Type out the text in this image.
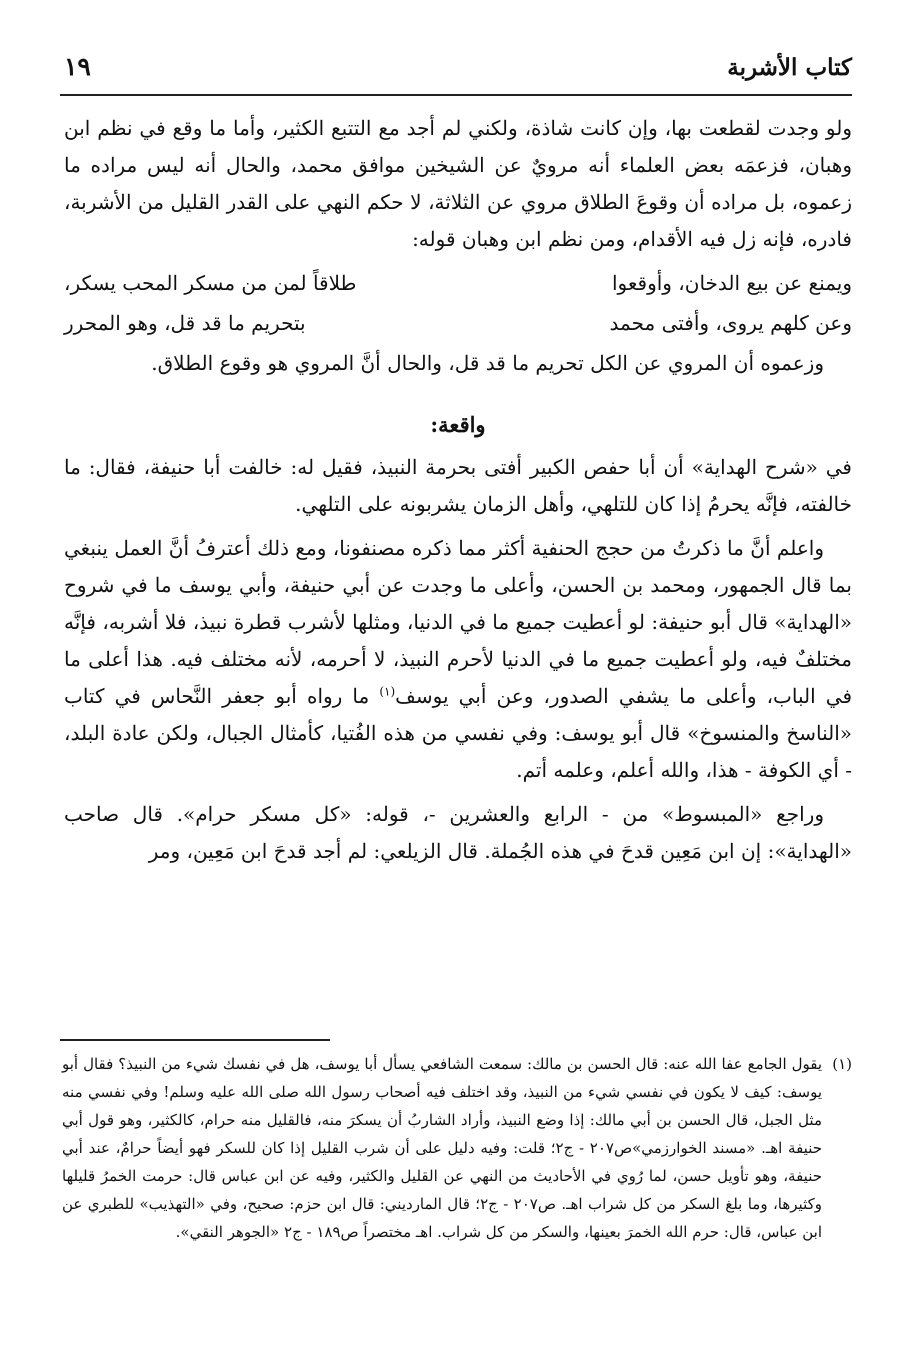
كتاب الأشربة
١٩

ولو وجدت لقطعت بها، وإن كانت شاذة، ولكني لم أجد مع التتبع الكثير، وأما ما وقع في نظم ابن وهبان، فزعمَه بعض العلماء أنه مرويٌ عن الشيخين موافق محمد، والحال أنه ليس مراده ما زعموه، بل مراده أن وقوعَ الطلاق مروي عن الثلاثة، لا حكم النهي على القدر القليل من الأشربة، فادره، فإنه زل فيه الأقدام، ومن نظم ابن وهبان قوله:

ويمنع عن بيع الدخان، وأوقعوا
طلاقاً لمن من مسكر المحب يسكر،
وعن كلهم يروى، وأفتى محمد
بتحريم ما قد قل، وهو المحرر

وزعموه أن المروي عن الكل تحريم ما قد قل، والحال أنَّ المروي هو وقوع الطلاق.

واقعة:

في «شرح الهداية» أن أبا حفص الكبير أفتى بحرمة النبيذ، فقيل له: خالفت أبا حنيفة، فقال: ما خالفته، فإنَّه يحرمُ إذا كان للتلهي، وأهل الزمان يشربونه على التلهي.

واعلم أنَّ ما ذكرتُ من حجج الحنفية أكثر مما ذكره مصنفونا، ومع ذلك أعترفُ أنَّ العمل ينبغي بما قال الجمهور، ومحمد بن الحسن، وأعلى ما وجدت عن أبي حنيفة، وأبي يوسف ما في شروح «الهداية» قال أبو حنيفة: لو أعطيت جميع ما في الدنيا، ومثلها لأشرب قطرة نبيذ، فلا أشربه، فإنَّه مختلفٌ فيه، ولو أعطيت جميع ما في الدنيا لأحرم النبيذ، لا أحرمه، لأنه مختلف فيه. هذا أعلى ما في الباب، وأعلى ما يشفي الصدور، وعن أبي يوسف$^{(١)}$ ما رواه أبو جعفر النَّحاس في كتاب «الناسخ والمنسوخ» قال أبو يوسف: وفي نفسي من هذه الفُتيا، كأمثال الجبال، ولكن عادة البلد، - أي الكوفة - هذا، والله أعلم، وعلمه أتم.

وراجع «المبسوط» من - الرابع والعشرين -، قوله: «كل مسكر حرام». قال صاحب «الهداية»: إن ابن مَعِين قدحَ في هذه الجُملة. قال الزيلعي: لم أجد قدحَ ابن مَعِين، ومر

(١)
يقول الجامع عفا الله عنه: قال الحسن بن مالك: سمعت الشافعي يسأل أبا يوسف، هل في نفسك شيء من النبيذ؟ فقال أبو يوسف: كيف لا يكون في نفسي شيء من النبيذ، وقد اختلف فيه أصحاب رسول الله صلى الله عليه وسلم! وفي نفسي منه مثل الجبل، قال الحسن بن أبي مالك: إذا وضع النبيذ، وأراد الشاربُ أن يسكرَ منه، فالقليل منه حرام، كالكثير، وهو قول أبي حنيفة اهـ. «مسند الخوارزمي»ص٢٠٧ - ج٢؛ قلت: وفيه دليل على أن شرب القليل إذا كان للسكر فهو أيضاً حرامٌ، عند أبي حنيفة، وهو تأويل حسن، لما رُوي في الأحاديث من النهي عن القليل والكثير، وفيه عن ابن عباس قال: حرمت الخمرُ قليلها وكثيرها، وما بلغ السكر من كل شراب اهـ. ص٢٠٧ - ج٢؛ قال المارديني: قال ابن حزم: صحيح، وفي «التهذيب» للطبري عن ابن عباس، قال: حرم الله الخمرَ بعينها، والسكر من كل شراب. اهـ مختصراً ص١٨٩ - ج٢ «الجوهر النقي».
